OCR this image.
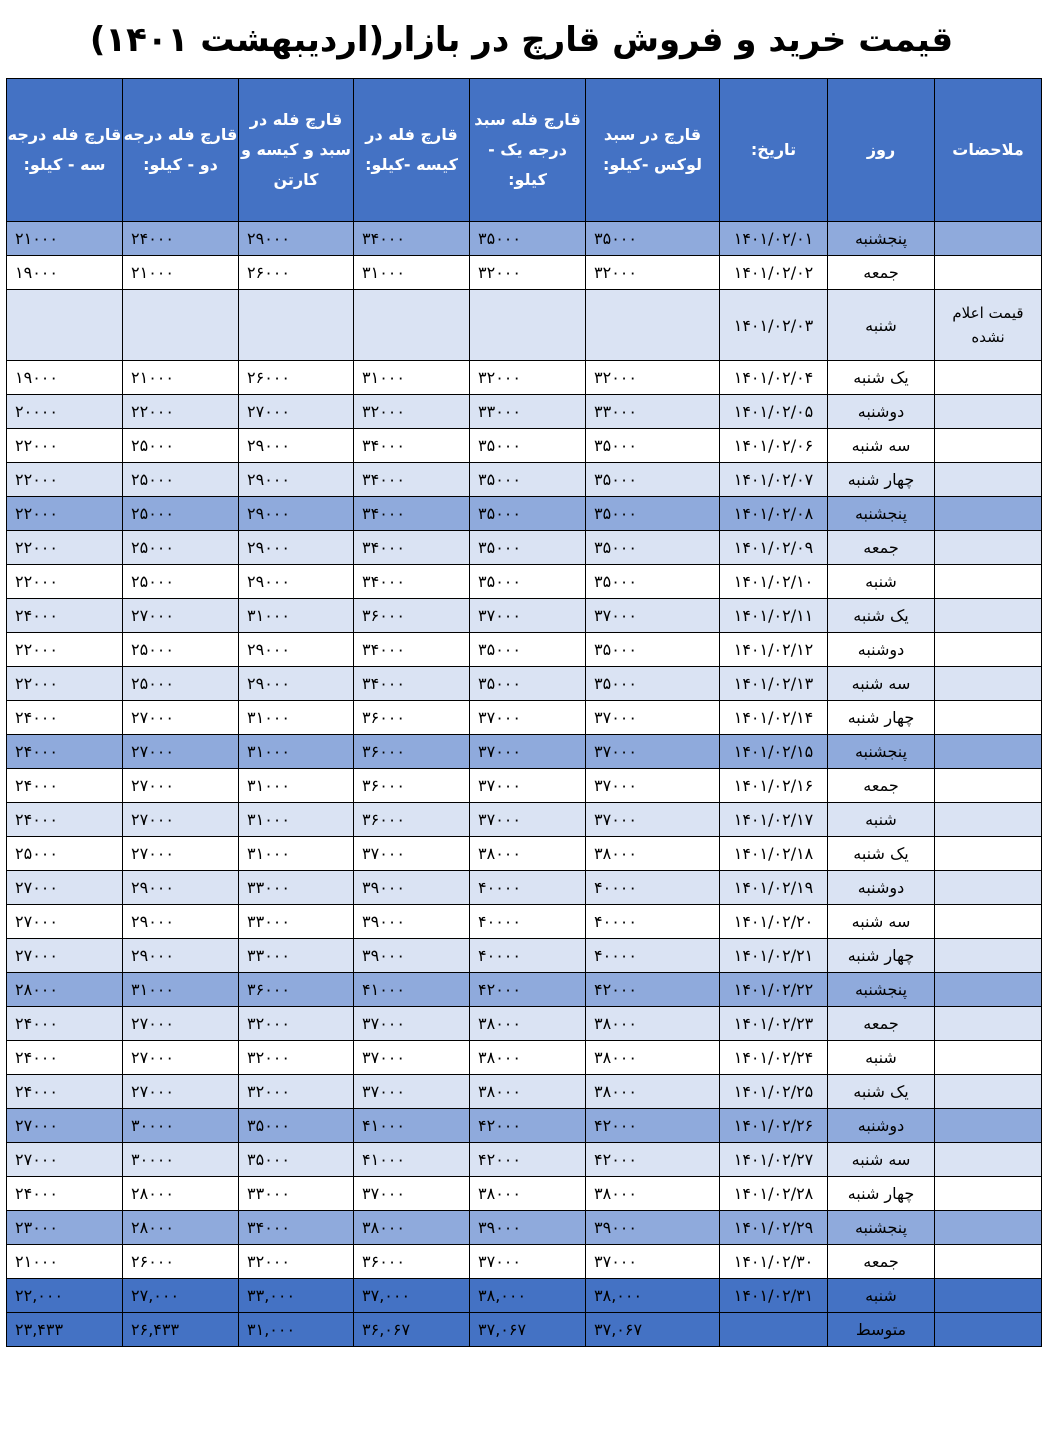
قیمت خرید و فروش قارچ در بازار(اردیبهشت ۱۴۰۱)
ملاحضات	روز	تاریخ:	قارچ در سبد لوکس -کیلو:	قارچ فله سبد درجه یک - کیلو:	قارچ فله در کیسه -کیلو:	قارچ فله در سبد و کیسه و کارتن	قارچ فله درجه دو - کیلو:	قارچ فله درجه سه - کیلو:
	پنجشنبه	۱۴۰۱/۰۲/۰۱	۳۵۰۰۰	۳۵۰۰۰	۳۴۰۰۰	۲۹۰۰۰	۲۴۰۰۰	۲۱۰۰۰
	جمعه	۱۴۰۱/۰۲/۰۲	۳۲۰۰۰	۳۲۰۰۰	۳۱۰۰۰	۲۶۰۰۰	۲۱۰۰۰	۱۹۰۰۰
قیمت اعلام نشده	شنبه	۱۴۰۱/۰۲/۰۳						
	یک شنبه	۱۴۰۱/۰۲/۰۴	۳۲۰۰۰	۳۲۰۰۰	۳۱۰۰۰	۲۶۰۰۰	۲۱۰۰۰	۱۹۰۰۰
	دوشنبه	۱۴۰۱/۰۲/۰۵	۳۳۰۰۰	۳۳۰۰۰	۳۲۰۰۰	۲۷۰۰۰	۲۲۰۰۰	۲۰۰۰۰
	سه شنبه	۱۴۰۱/۰۲/۰۶	۳۵۰۰۰	۳۵۰۰۰	۳۴۰۰۰	۲۹۰۰۰	۲۵۰۰۰	۲۲۰۰۰
	چهار شنبه	۱۴۰۱/۰۲/۰۷	۳۵۰۰۰	۳۵۰۰۰	۳۴۰۰۰	۲۹۰۰۰	۲۵۰۰۰	۲۲۰۰۰
	پنجشنبه	۱۴۰۱/۰۲/۰۸	۳۵۰۰۰	۳۵۰۰۰	۳۴۰۰۰	۲۹۰۰۰	۲۵۰۰۰	۲۲۰۰۰
	جمعه	۱۴۰۱/۰۲/۰۹	۳۵۰۰۰	۳۵۰۰۰	۳۴۰۰۰	۲۹۰۰۰	۲۵۰۰۰	۲۲۰۰۰
	شنبه	۱۴۰۱/۰۲/۱۰	۳۵۰۰۰	۳۵۰۰۰	۳۴۰۰۰	۲۹۰۰۰	۲۵۰۰۰	۲۲۰۰۰
	یک شنبه	۱۴۰۱/۰۲/۱۱	۳۷۰۰۰	۳۷۰۰۰	۳۶۰۰۰	۳۱۰۰۰	۲۷۰۰۰	۲۴۰۰۰
	دوشنبه	۱۴۰۱/۰۲/۱۲	۳۵۰۰۰	۳۵۰۰۰	۳۴۰۰۰	۲۹۰۰۰	۲۵۰۰۰	۲۲۰۰۰
	سه شنبه	۱۴۰۱/۰۲/۱۳	۳۵۰۰۰	۳۵۰۰۰	۳۴۰۰۰	۲۹۰۰۰	۲۵۰۰۰	۲۲۰۰۰
	چهار شنبه	۱۴۰۱/۰۲/۱۴	۳۷۰۰۰	۳۷۰۰۰	۳۶۰۰۰	۳۱۰۰۰	۲۷۰۰۰	۲۴۰۰۰
	پنجشنبه	۱۴۰۱/۰۲/۱۵	۳۷۰۰۰	۳۷۰۰۰	۳۶۰۰۰	۳۱۰۰۰	۲۷۰۰۰	۲۴۰۰۰
	جمعه	۱۴۰۱/۰۲/۱۶	۳۷۰۰۰	۳۷۰۰۰	۳۶۰۰۰	۳۱۰۰۰	۲۷۰۰۰	۲۴۰۰۰
	شنبه	۱۴۰۱/۰۲/۱۷	۳۷۰۰۰	۳۷۰۰۰	۳۶۰۰۰	۳۱۰۰۰	۲۷۰۰۰	۲۴۰۰۰
	یک شنبه	۱۴۰۱/۰۲/۱۸	۳۸۰۰۰	۳۸۰۰۰	۳۷۰۰۰	۳۱۰۰۰	۲۷۰۰۰	۲۵۰۰۰
	دوشنبه	۱۴۰۱/۰۲/۱۹	۴۰۰۰۰	۴۰۰۰۰	۳۹۰۰۰	۳۳۰۰۰	۲۹۰۰۰	۲۷۰۰۰
	سه شنبه	۱۴۰۱/۰۲/۲۰	۴۰۰۰۰	۴۰۰۰۰	۳۹۰۰۰	۳۳۰۰۰	۲۹۰۰۰	۲۷۰۰۰
	چهار شنبه	۱۴۰۱/۰۲/۲۱	۴۰۰۰۰	۴۰۰۰۰	۳۹۰۰۰	۳۳۰۰۰	۲۹۰۰۰	۲۷۰۰۰
	پنجشنبه	۱۴۰۱/۰۲/۲۲	۴۲۰۰۰	۴۲۰۰۰	۴۱۰۰۰	۳۶۰۰۰	۳۱۰۰۰	۲۸۰۰۰
	جمعه	۱۴۰۱/۰۲/۲۳	۳۸۰۰۰	۳۸۰۰۰	۳۷۰۰۰	۳۲۰۰۰	۲۷۰۰۰	۲۴۰۰۰
	شنبه	۱۴۰۱/۰۲/۲۴	۳۸۰۰۰	۳۸۰۰۰	۳۷۰۰۰	۳۲۰۰۰	۲۷۰۰۰	۲۴۰۰۰
	یک شنبه	۱۴۰۱/۰۲/۲۵	۳۸۰۰۰	۳۸۰۰۰	۳۷۰۰۰	۳۲۰۰۰	۲۷۰۰۰	۲۴۰۰۰
	دوشنبه	۱۴۰۱/۰۲/۲۶	۴۲۰۰۰	۴۲۰۰۰	۴۱۰۰۰	۳۵۰۰۰	۳۰۰۰۰	۲۷۰۰۰
	سه شنبه	۱۴۰۱/۰۲/۲۷	۴۲۰۰۰	۴۲۰۰۰	۴۱۰۰۰	۳۵۰۰۰	۳۰۰۰۰	۲۷۰۰۰
	چهار شنبه	۱۴۰۱/۰۲/۲۸	۳۸۰۰۰	۳۸۰۰۰	۳۷۰۰۰	۳۳۰۰۰	۲۸۰۰۰	۲۴۰۰۰
	پنجشنبه	۱۴۰۱/۰۲/۲۹	۳۹۰۰۰	۳۹۰۰۰	۳۸۰۰۰	۳۴۰۰۰	۲۸۰۰۰	۲۳۰۰۰
	جمعه	۱۴۰۱/۰۲/۳۰	۳۷۰۰۰	۳۷۰۰۰	۳۶۰۰۰	۳۲۰۰۰	۲۶۰۰۰	۲۱۰۰۰
	شنبه	۱۴۰۱/۰۲/۳۱	۳۸,۰۰۰	۳۸,۰۰۰	۳۷,۰۰۰	۳۳,۰۰۰	۲۷,۰۰۰	۲۲,۰۰۰
	متوسط		۳۷,۰۶۷	۳۷,۰۶۷	۳۶,۰۶۷	۳۱,۰۰۰	۲۶,۴۳۳	۲۳,۴۳۳
